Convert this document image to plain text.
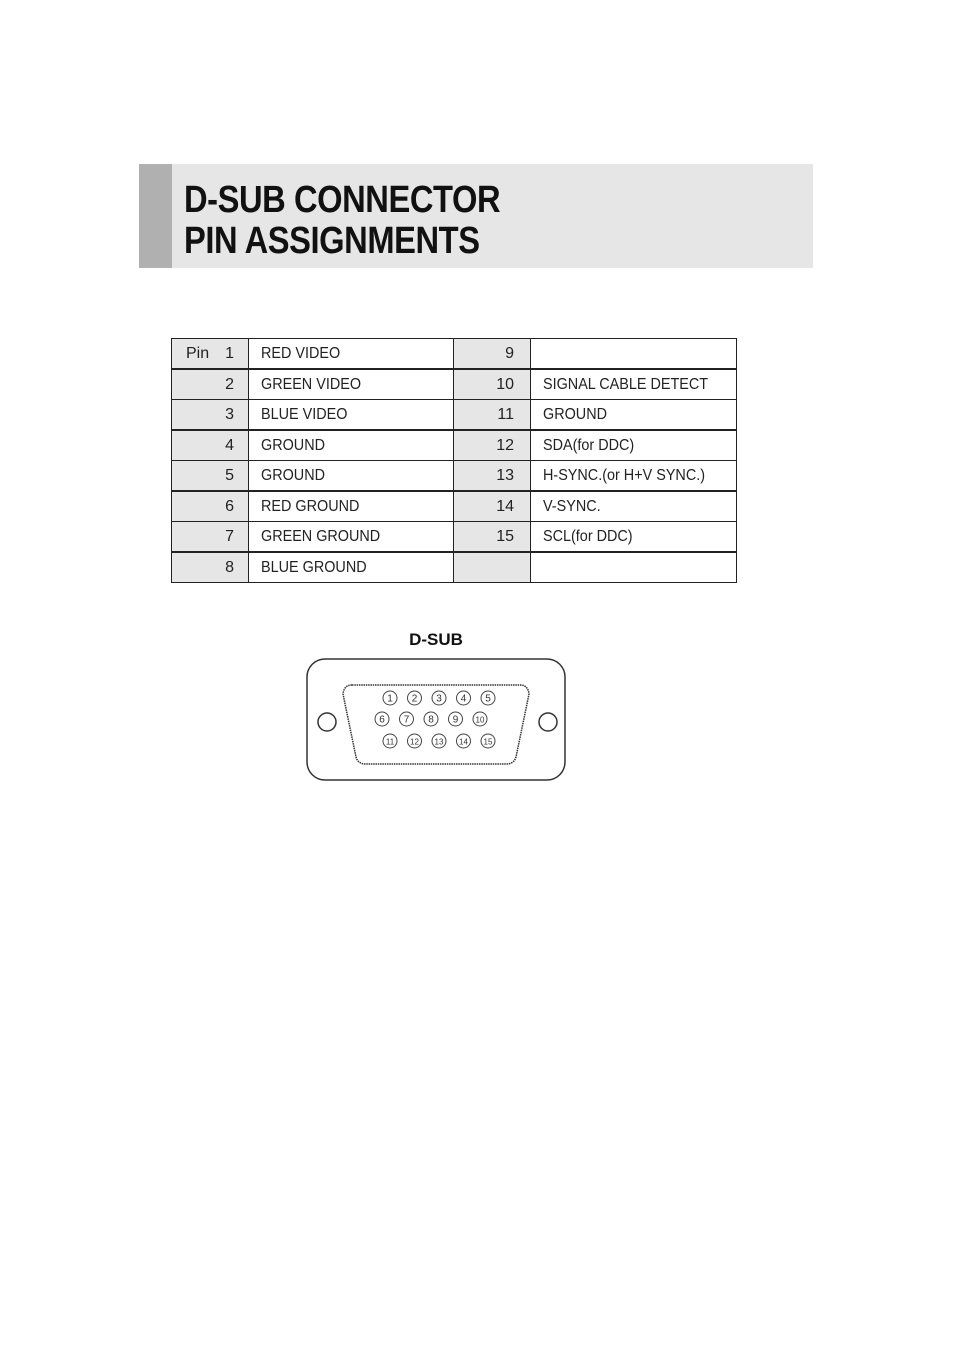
D-SUB CONNECTOR
PIN ASSIGNMENTS
Pin 1	RED VIDEO	9	
2	GREEN VIDEO	10	SIGNAL CABLE DETECT
3	BLUE VIDEO	11	GROUND
4	GROUND	12	SDA(for DDC)
5	GROUND	13	H-SYNC.(or H+V SYNC.)
6	RED GROUND	14	V-SYNC.
7	GREEN GROUND	15	SCL(for DDC)
8	BLUE GROUND		
D-SUB
1 2 3 4 5
6 7 8 9 10
11 12 13 14 15
